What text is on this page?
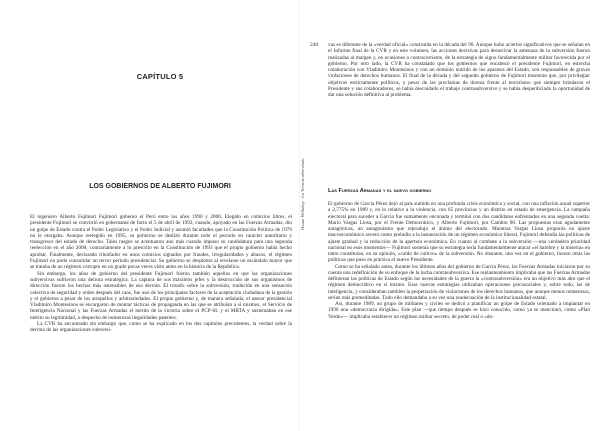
CAPÍTULO 5
LOS GOBIERNOS DE ALBERTO FUJIMORI

El ingeniero Alberto Fujimori Fujimori gobernó el Perú entre los años 1990 y 2000. Elegido en comicios libres, el presidente Fujimori se convirtió en gobernante de facto el 5 de abril de 1992, cuando, apoyado en las Fuerzas Armadas, dio un golpe de Estado contra el Poder Legislativo y el Poder Judicial y asumió facultades que la Constitución Política de 1979 no le otorgaba. Aunque reelegido en 1995, su gobierno se deslizó durante todo el periodo en carácter autoritario y transgresor del estado de derecho. Tales rasgos se acentuaron aun más cuando impuso su candidatura para una segunda reelección en el año 2000, contrariamente a lo prescrito en la Constitución de 1993 que el propio gobierno había hecho aprobar. Finalmente, declarado triunfador en unos comicios signados por fraudes, irregularidades y abusos, el régimen Fujimori no pudo consolidar un tercer periodo presidencial. Su gobierno se desplomó al revelarse un escándalo mayor que se trataba de un régimen corrupto en un grado pocas veces visto antes en la historia de la República.

Sin embargo, los años de gobierno del presidente Fujimori fueron también aquellos en que las organizaciones subversivas sufrieron una derrota estratégica. La captura de sus máximos jefes y la destrucción de sus organismos de dirección fueron los hechos más ostensibles de esa derrota. El triunfo sobre la subversión, traducido en una sensación colectiva de seguridad y orden después del caos, fue uno de los principales factores de la aceptación ciudadana de la gestión y el gobierno a pesar de los atropellos y arbitrariedades. El propio gobierno y, de manera señalada, el asesor presidencial Vladimiro Montesinos se encargaron de montar tácticas de propaganda en las que se atribuían a sí mismos, el Servicio de Inteligencia Nacional y las Fuerzas Armadas el mérito de la victoria sobre el PCP-SL y el MRTA y sustentaban en ese mérito su legitimidad, a despecho de numerosas ilegalidades patentes.

La CVR ha encontrado sin embargo que, como se ha explicado en los dos capítulos precedentes, la verdad sobre la derrota de las organizaciones subversi-

240
Hatun Willakuy · La Versión abreviada

vas es diferente de la «verdad oficial» construida en la década del 90. Aunque hubo aciertos significativos que se señalan en el Informe final de la CVR y en este volumen, las acciones decisivas para desactivar la amenaza de la subversión fueron realizadas al margen y, en ocasiones a contracorriente, de la estrategia de signo fundamentalmente militar favorecida por el gobierno. Por otro lado, la CVR ha constatado que los gobiernos que encabezó el presidente Fujimori, en estrecha colaboración con Vladimiro Montesinos y con un dominio nutrido de los aparatos del Estado, son responsables de graves violaciones de derechos humanos. El final de la década y del segundo gobierno de Fujimori muestran que, por privilegiar objetivos estrictamente políticos, y pesar de las proclamas de dureza frente al terrorismo que siempre brindaron el Presidente y sus colaboradores, se había descuidado el trabajo contrasubversivo y se había desperdiciado la oportunidad de dar una solución definitiva al problema.

Las Fuerzas Armadas y el nuevo gobierno

El gobierno de García Pérez dejó al país sumido en una profunda crisis económica y social, con una inflación anual superior a 2,775% en 1989 y, en lo relativo a la violencia, con 65 provincias y un distrito en estado de emergencia. La campaña electoral para suceder a García fue sumamente enconada y terminó con dos candidatos enfrentados en una segunda vuelta: Mario Vargas Llosa, por el Frente Democrático, y Alberto Fujimori, por Cambio 90. Las propuestas eran agudamente antagónicas, un antagonismo que reprodujo el ánimo del electorado. Mientras Vargas Llosa proponía un ajuste macroeconómico severo como preludio a la instauración de un régimen económico liberal, Fujimori defendía las políticas de ajuste gradual y la reducción de la apertura económica. En cuanto al combate a la subversión —una verdadera prioridad nacional en esos momentos— Fujimori sostenía que su estrategia sería fundamentalmente atacar «el hambre y la miseria» en tanto constituían, en su opinión, «caldo de cultivo» de la subversión. No obstante, una vez en el gobierno, fueron otras las políticas que puso en práctica el nuevo Presidente.

Como se ha señalado antes, durante los últimos años del gobierno de García Pérez, las Fuerzas Armadas iniciaron por su cuenta una redefinición de su enfoque de la lucha contrasubversiva. Ese replanteamiento implicaba que las Fuerzas Armadas definieran las políticas de Estado según las necesidades de la guerra la «contrasubversión» era un objetivo más alto que el régimen democrático en sí mismo. Esas nuevas estrategias utilizaban operaciones psicosociales y, sobre todo, las de inteligencia, y consideraban también la perpetración de violaciones de los derechos humanos, que aunque menos numerosas, serían más premeditadas. Todo ello demandaba a su vez una readecuación de la institucionalidad estatal.

Así, durante 1989, un grupo de militares y civiles se dedicó a planificar un golpe de Estado orientado a implantar en 1990 una «democracia dirigida». Este plan —que tiempo después se hizo conocido, como ya se mencionó, como «Plan Verde»— implicaba establecer un régimen militar secreto, de poder real o «do-
